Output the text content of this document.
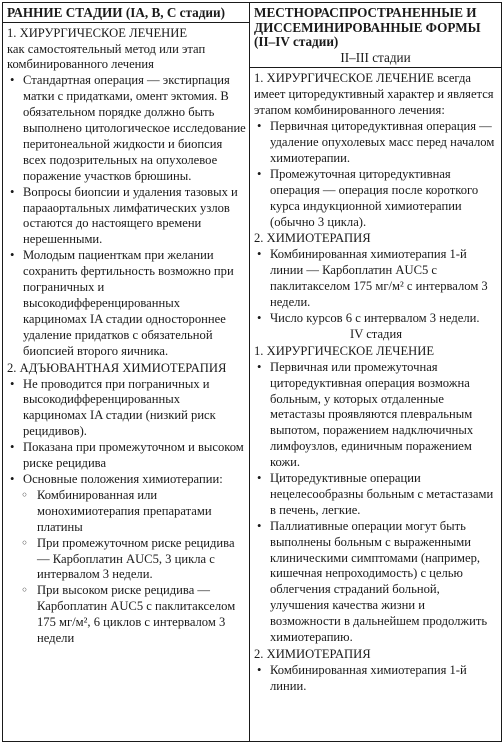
РАННИЕ СТАДИИ (IA, B, C стадии)
1. ХИРУРГИЧЕСКОЕ ЛЕЧЕНИЕ
как самостоятельный метод или этап комбинированного лечения
• Стандартная операция — экстирпация матки с придатками, омент эктомия. В обязательном порядке должно быть выполнено цитологическое исследование перитонеальной жидкости и биопсия всех подозрительных на опухолевое поражение участков брюшины.
• Вопросы биопсии и удаления тазовых и парааортальных лимфатических узлов остаются до настоящего времени нерешенными.
• Молодым пациенткам при желании сохранить фертильность возможно при пограничных и высокодифференцированных карциномах IA стадии одностороннее удаление придатков с обязательной биопсией второго яичника.
2. АДЪЮВАНТНАЯ ХИМИОТЕРАПИЯ
• Не проводится при пограничных и высокодифференцированных карциномах IA стадии (низкий риск рецидивов).
• Показана при промежуточном и высоком риске рецидива
• Основные положения химиотерапии:
◦ Комбинированная или монохимиотерапия препаратами платины
◦ При промежуточном риске рецидива — Карбоплатин AUC5, 3 цикла с интервалом 3 недели.
◦ При высоком риске рецидива — Карбоплатин AUC5 с паклитакселом 175 мг/м², 6 циклов с интервалом 3 недели
МЕСТНОРАСПРОСТРАНЕННЫЕ И ДИССЕМИНИРОВАННЫЕ ФОРМЫ (II–IV стадии)
II–III стадии
1. ХИРУРГИЧЕСКОЕ ЛЕЧЕНИЕ всегда имеет циторедуктивный характер и является этапом комбинированного лечения:
• Первичная циторедуктивная операция — удаление опухолевых масс перед началом химиотерапии.
• Промежуточная циторедуктивная операция — операция после короткого курса индукционной химиотерапии (обычно 3 цикла).
2. ХИМИОТЕРАПИЯ
• Комбинированная химиотерапия 1-й линии — Карбоплатин AUC5 с паклитакселом 175 мг/м² с интервалом 3 недели.
• Число курсов 6 с интервалом 3 недели.
IV стадия
1. ХИРУРГИЧЕСКОЕ ЛЕЧЕНИЕ
• Первичная или промежуточная циторедуктивная операция возможна больным, у которых отдаленные метастазы проявляются плевральным выпотом, поражением надключичных лимфоузлов, единичным поражением кожи.
• Циторедуктивные операции нецелесообразны больным с метастазами в печень, легкие.
• Паллиативные операции могут быть выполнены больным с выраженными клиническими симптомами (например, кишечная непроходимость) с целью облегчения страданий больной, улучшения качества жизни и возможности в дальнейшем продолжить химиотерапию.
2. ХИМИОТЕРАПИЯ
• Комбинированная химиотерапия 1-й линии.
